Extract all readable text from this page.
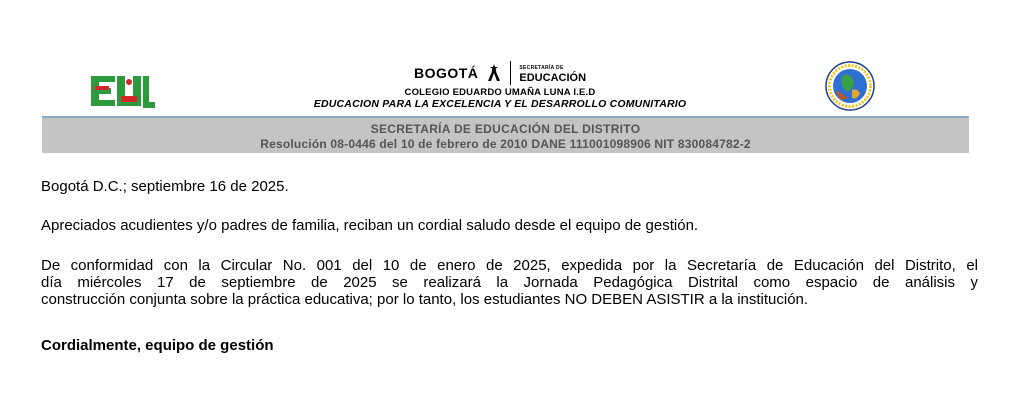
BOGOTÁ	SECRETARÍA DE
EDUCACIÓN
COLEGIO EDUARDO UMAÑA LUNA I.E.D
EDUCACION PARA LA EXCELENCIA Y EL DESARROLLO COMUNITARIO
SECRETARÍA DE EDUCACIÓN DEL DISTRITO
Resolución 08-0446 del 10 de febrero de 2010 DANE 111001098906 NIT 830084782-2
Bogotá D.C.; septiembre 16 de 2025.
Apreciados acudientes y/o padres de familia, reciban un cordial saludo desde el equipo de gestión.
De conformidad con la Circular No. 001 del 10 de enero de 2025, expedida por la Secretaría de Educación del Distrito, el
día miércoles 17 de septiembre de 2025 se realizará la Jornada Pedagógica Distrital como espacio de análisis y
construcción conjunta sobre la práctica educativa; por lo tanto, los estudiantes NO DEBEN ASISTIR a la institución.
Cordialmente, equipo de gestión
